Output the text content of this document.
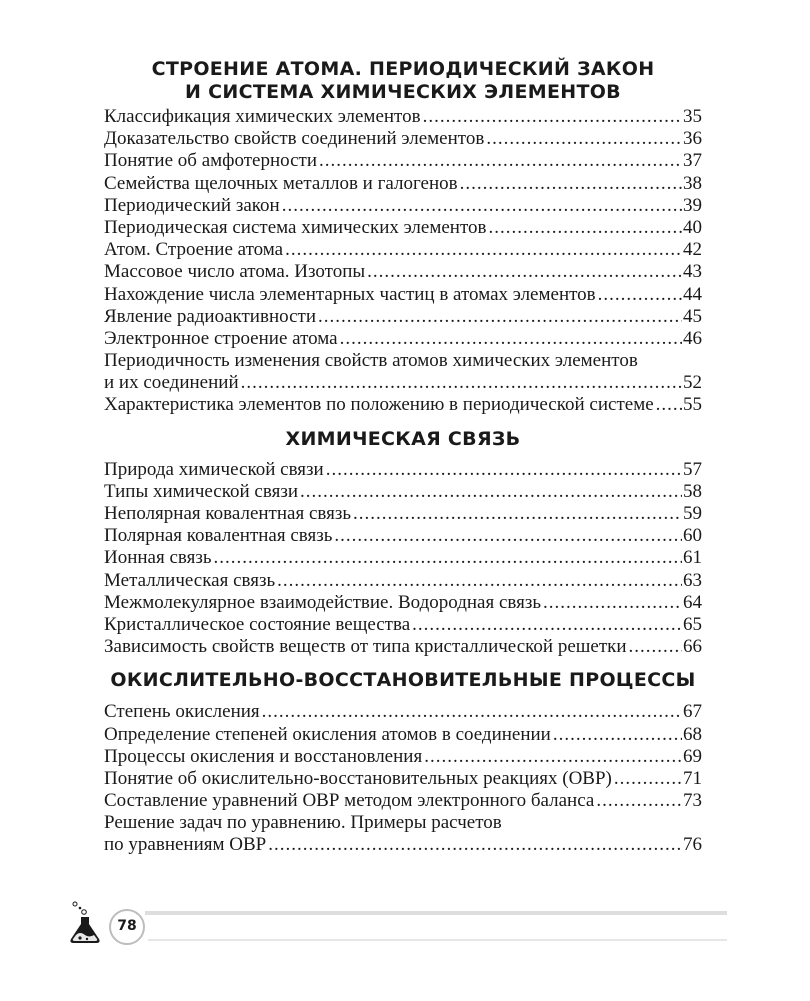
СТРОЕНИЕ АТОМА. ПЕРИОДИЧЕСКИЙ ЗАКОН
И СИСТЕМА ХИМИЧЕСКИХ ЭЛЕМЕНТОВ
Классификация химических элементов .....	35
Доказательство свойств соединений элементов .....	36
Понятие об амфотерности .....	37
Семейства щелочных металлов и галогенов .....	38
Периодический закон .....	39
Периодическая система химических элементов .....	40
Атом. Строение атома .....	42
Массовое число атома. Изотопы .....	43
Нахождение числа элементарных частиц в атомах элементов .....	44
Явление радиоактивности .....	45
Электронное строение атома .....	46
Периодичность изменения свойств атомов химических элементов
и их соединений .....	52
Характеристика элементов по положению в периодической системе ..... 55
ХИМИЧЕСКАЯ СВЯЗЬ
Природа химической связи .....	57
Типы химической связи .....	58
Неполярная ковалентная связь .....	59
Полярная ковалентная связь .....	60
Ионная связь .....	61
Металлическая связь .....	63
Межмолекулярное взаимодействие. Водородная связь .....	64
Кристаллическое состояние вещества .....	65
Зависимость свойств веществ от типа кристаллической решетки .....	66
ОКИСЛИТЕЛЬНО-ВОССТАНОВИТЕЛЬНЫЕ ПРОЦЕССЫ
Степень окисления .....	67
Определение степеней окисления атомов в соединении .....	68
Процессы окисления и восстановления .....	69
Понятие об окислительно-восстановительных реакциях (ОВР) .....	71
Составление уравнений ОВР методом электронного баланса .....	73
Решение задач по уравнению. Примеры расчетов
по уравнениям ОВР .....	76
78
